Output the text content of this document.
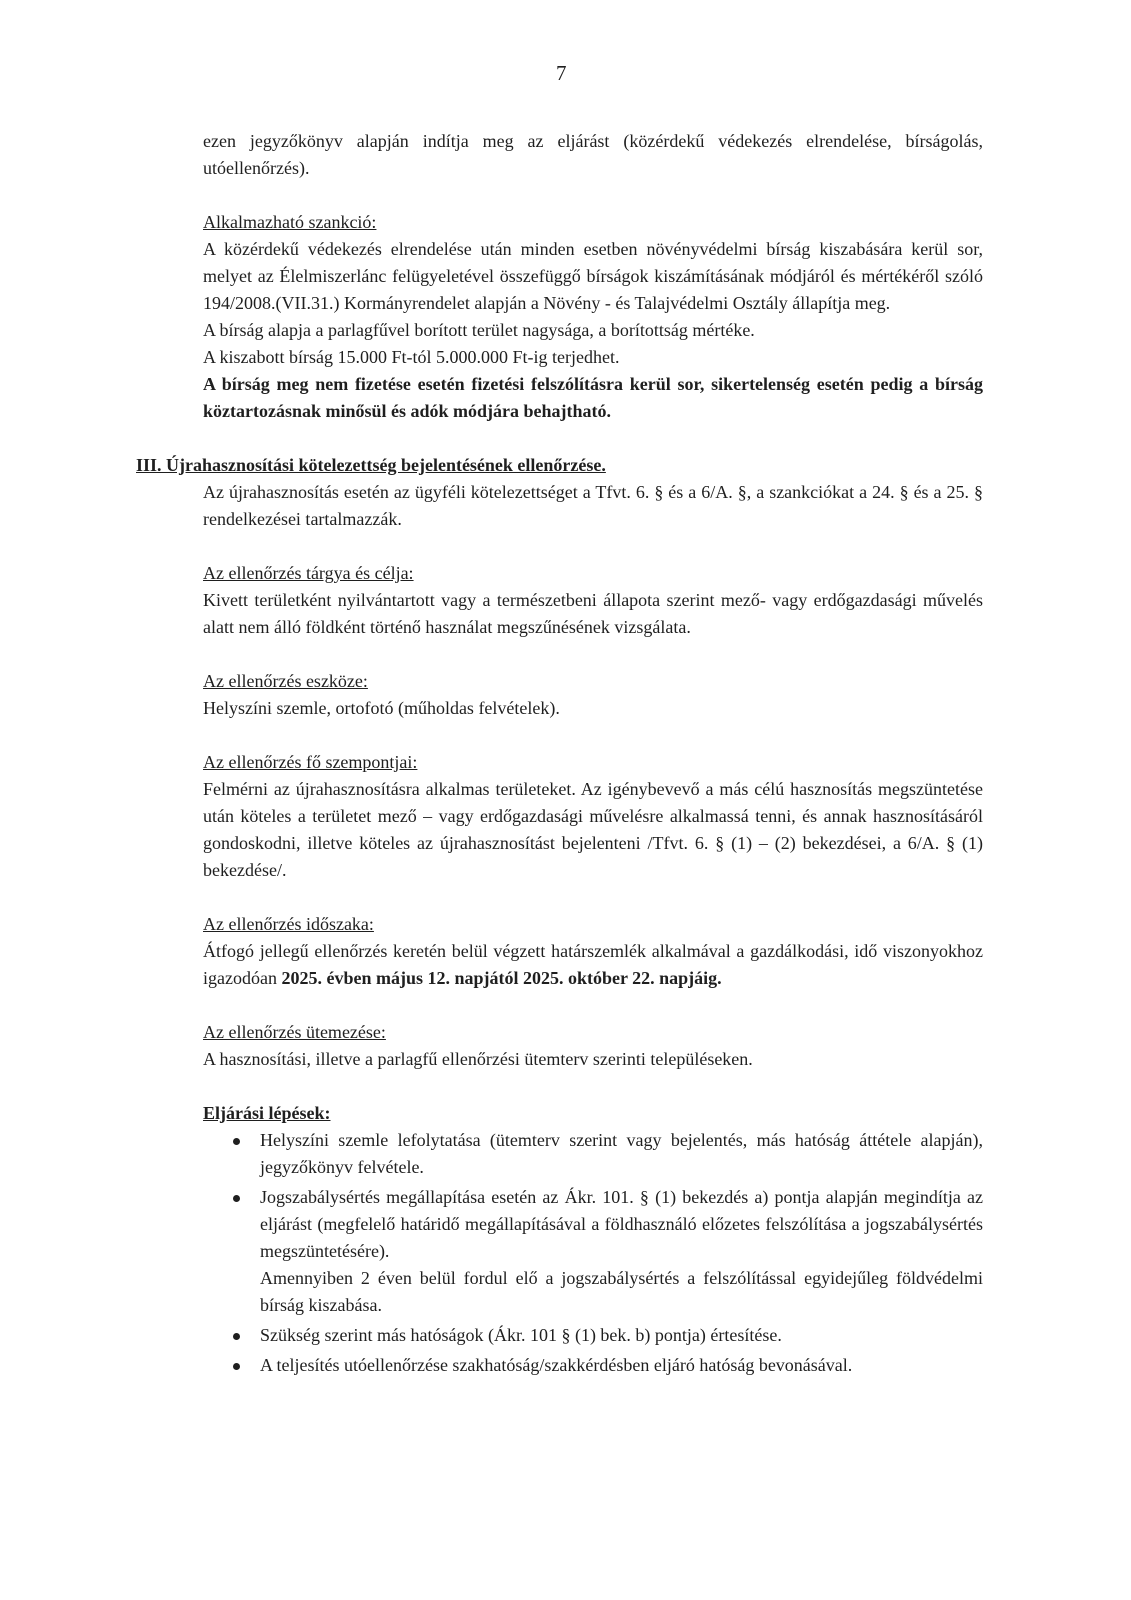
7

ezen jegyzőkönyv alapján indítja meg az eljárást (közérdekű védekezés elrendelése, bírságolás, utóellenőrzés).

Alkalmazható szankció:

A közérdekű védekezés elrendelése után minden esetben növényvédelmi bírság kiszabására kerül sor, melyet az Élelmiszerlánc felügyeletével összefüggő bírságok kiszámításának módjáról és mértékéről szóló 194/2008.(VII.31.) Kormányrendelet alapján a Növény - és Talajvédelmi Osztály állapítja meg.

A bírság alapja a parlagfűvel borított terület nagysága, a borítottság mértéke.

A kiszabott bírság 15.000 Ft-tól 5.000.000 Ft-ig terjedhet.

A bírság meg nem fizetése esetén fizetési felszólításra kerül sor, sikertelenség esetén pedig a bírság köztartozásnak minősül és adók módjára behajtható.

III. Újrahasznosítási kötelezettség bejelentésének ellenőrzése.

Az újrahasznosítás esetén az ügyféli kötelezettséget a Tfvt. 6. § és a 6/A. §, a szankciókat a 24. § és a 25. § rendelkezései tartalmazzák.

Az ellenőrzés tárgya és célja:

Kivett területként nyilvántartott vagy a természetbeni állapota szerint mező- vagy erdőgazdasági művelés alatt nem álló földként történő használat megszűnésének vizsgálata.

Az ellenőrzés eszköze:

Helyszíni szemle, ortofotó (műholdas felvételek).

Az ellenőrzés fő szempontjai:

Felmérni az újrahasznosításra alkalmas területeket. Az igénybevevő a más célú hasznosítás megszüntetése után köteles a területet mező – vagy erdőgazdasági művelésre alkalmassá tenni, és annak hasznosításáról gondoskodni, illetve köteles az újrahasznosítást bejelenteni /Tfvt. 6. § (1) – (2) bekezdései, a 6/A. § (1) bekezdése/.

Az ellenőrzés időszaka:

Átfogó jellegű ellenőrzés keretén belül végzett határszemlék alkalmával a gazdálkodási, idő viszonyokhoz igazodóan 2025. évben május 12. napjától 2025. október 22. napjáig.

Az ellenőrzés ütemezése:

A hasznosítási, illetve a parlagfű ellenőrzési ütemterv szerinti településeken.

Eljárási lépések:

Helyszíni szemle lefolytatása (ütemterv szerint vagy bejelentés, más hatóság áttétele alapján), jegyzőkönyv felvétele.
Jogszabálysértés megállapítása esetén az Ákr. 101. § (1) bekezdés a) pontja alapján megindítja az eljárást (megfelelő határidő megállapításával a földhasználó előzetes felszólítása a jogszabálysértés megszüntetésére).
Amennyiben 2 éven belül fordul elő a jogszabálysértés a felszólítással egyidejűleg földvédelmi bírság kiszabása.
Szükség szerint más hatóságok (Ákr. 101 § (1) bek. b) pontja) értesítése.
A teljesítés utóellenőrzése szakhatóság/szakkérdésben eljáró hatóság bevonásával.
